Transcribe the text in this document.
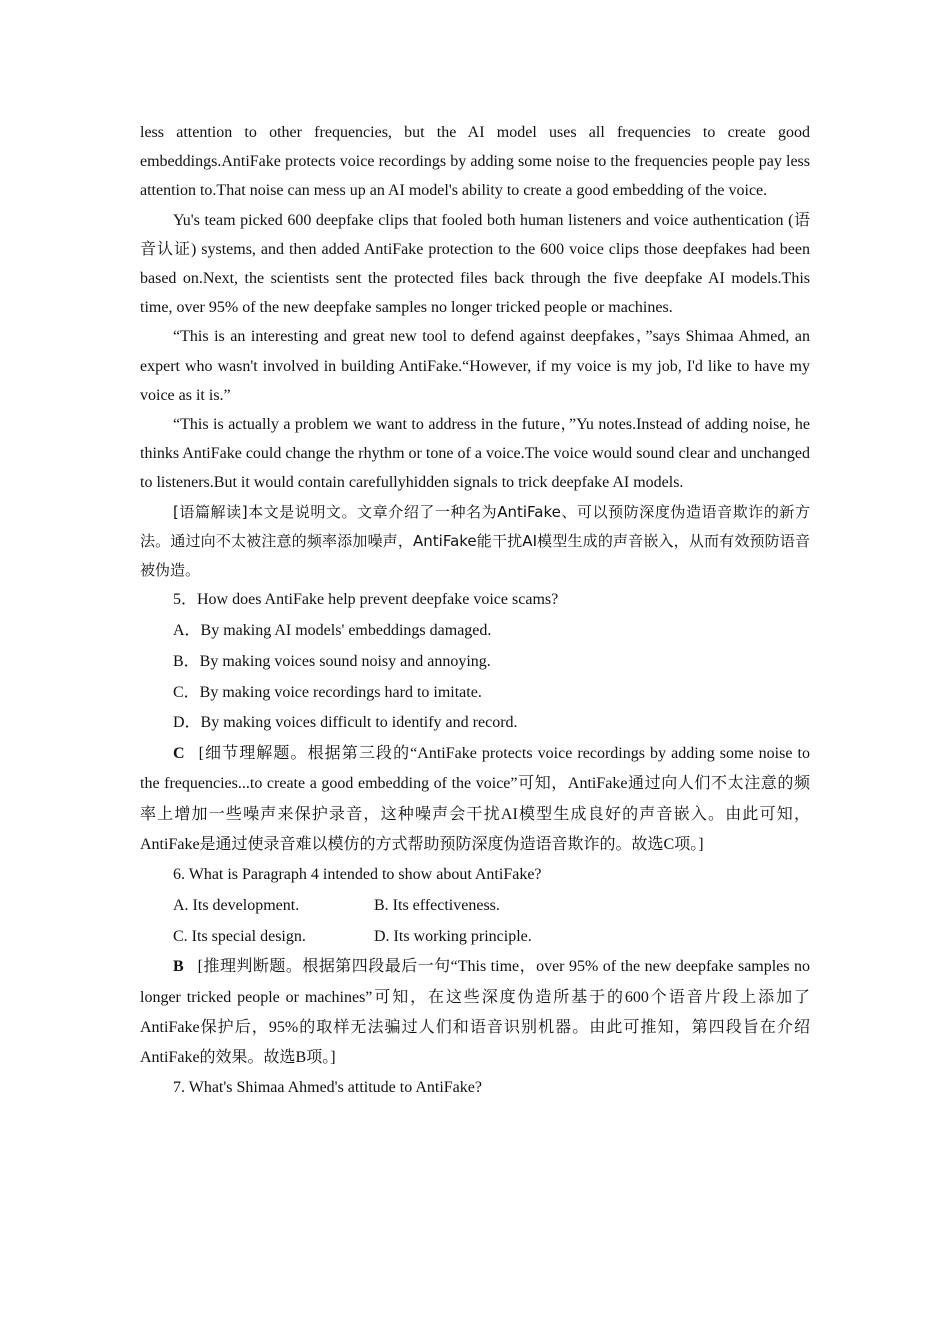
less attention to other frequencies, but the AI model uses all frequencies to create good embeddings.AntiFake protects voice recordings by adding some noise to the frequencies people pay less attention to.That noise can mess up an AI model's ability to create a good embedding of the voice.

Yu's team picked 600 deepfake clips that fooled both human listeners and voice authentication (语音认证) systems, and then added AntiFake protection to the 600 voice clips those deepfakes had been based on.Next, the scientists sent the protected files back through the five deepfake AI models.This time, over 95% of the new deepfake samples no longer tricked people or machines.

“This is an interesting and great new tool to defend against deepfakes，”says Shimaa Ahmed, an expert who wasn't involved in building AntiFake.“However, if my voice is my job, I'd like to have my voice as it is.”

“This is actually a problem we want to address in the future，”Yu notes.Instead of adding noise, he thinks AntiFake could change the rhythm or tone of a voice.The voice would sound clear and unchanged to listeners.But it would contain carefullyhidden signals to trick deepfake AI models.

[语篇解读]本文是说明文。文章介绍了一种名为AntiFake、可以预防深度伪造语音欺诈的新方法。通过向不太被注意的频率添加噪声，AntiFake能干扰AI模型生成的声音嵌入，从而有效预防语音被伪造。

5．How does AntiFake help prevent deepfake voice scams?

A．By making AI models' embeddings damaged.

B．By making voices sound noisy and annoying.

C．By making voice recordings hard to imitate.

D．By making voices difficult to identify and record.

C [细节理解题。根据第三段的“AntiFake protects voice recordings by adding some noise to the frequencies...to create a good embedding of the voice”可知，AntiFake通过向人们不太注意的频率上增加一些噪声来保护录音，这种噪声会干扰AI模型生成良好的声音嵌入。由此可知，AntiFake是通过使录音难以模仿的方式帮助预防深度伪造语音欺诈的。故选C项。]

6. What is Paragraph 4 intended to show about AntiFake?

A. Its development.	B. Its effectiveness.
C. Its special design.	D. Its working principle.

B [推理判断题。根据第四段最后一句“This time，over 95% of the new deepfake samples no longer tricked people or machines”可知，在这些深度伪造所基于的600个语音片段上添加了AntiFake保护后，95%的取样无法骗过人们和语音识别机器。由此可推知，第四段旨在介绍AntiFake的效果。故选B项。]

7. What's Shimaa Ahmed's attitude to AntiFake?
